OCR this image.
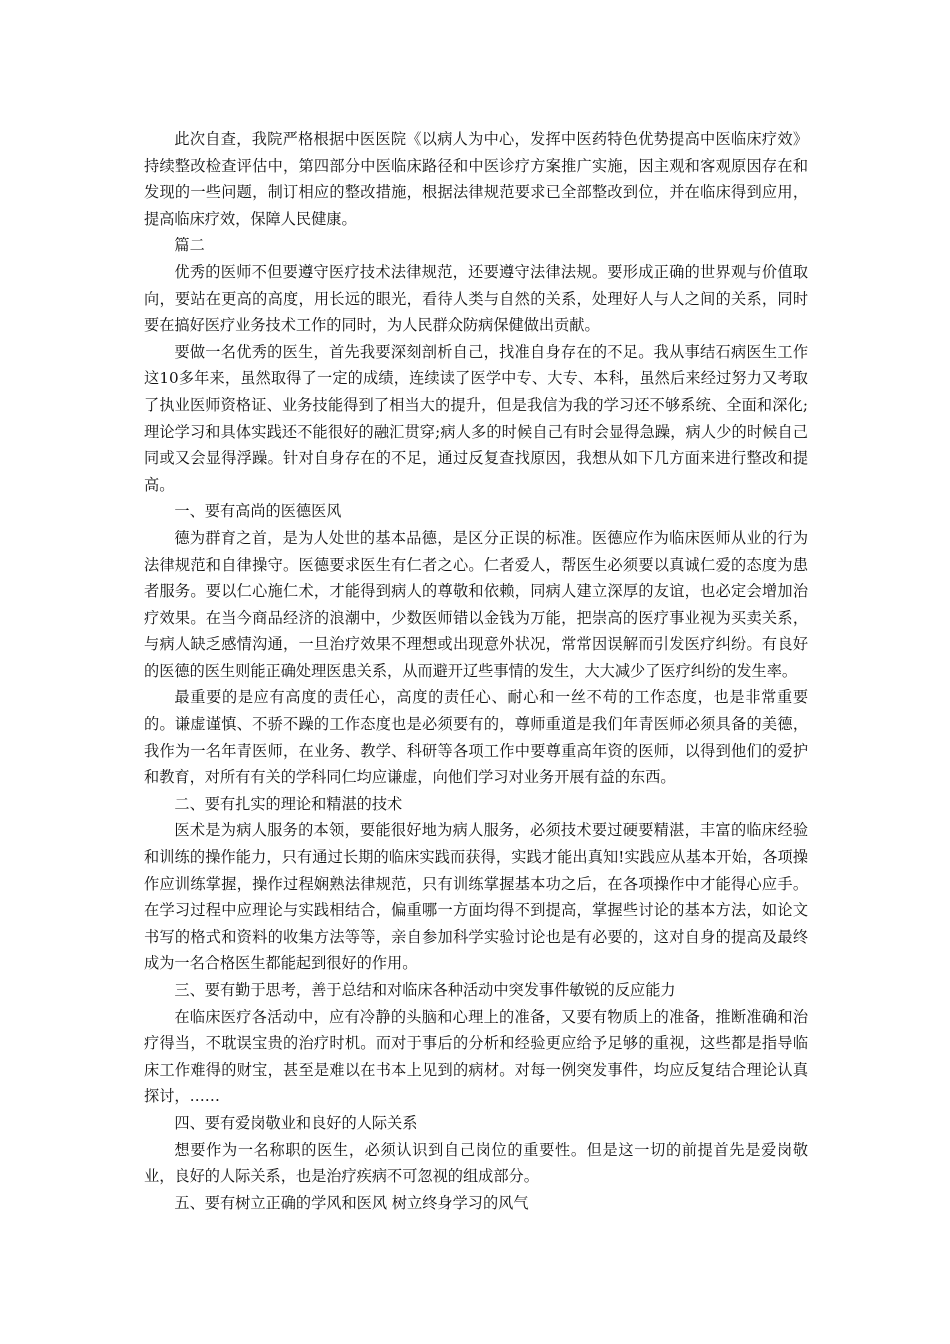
此次自查，我院严格根据中医医院《以病人为中心，发挥中医药特色优势提高中医临床疗效》持续整改检查评估中，第四部分中医临床路径和中医诊疗方案推广实施，因主观和客观原因存在和发现的一些问题，制订相应的整改措施，根据法律规范要求已全部整改到位，并在临床得到应用，提高临床疗效，保障人民健康。

篇二

优秀的医师不但要遵守医疗技术法律规范，还要遵守法律法规。要形成正确的世界观与价值取向，要站在更高的高度，用长远的眼光，看待人类与自然的关系，处理好人与人之间的关系，同时要在搞好医疗业务技术工作的同时，为人民群众防病保健做出贡献。

要做一名优秀的医生，首先我要深刻剖析自己，找准自身存在的不足。我从事结石病医生工作这10多年来，虽然取得了一定的成绩，连续读了医学中专、大专、本科，虽然后来经过努力又考取了执业医师资格证、业务技能得到了相当大的提升，但是我信为我的学习还不够系统、全面和深化;理论学习和具体实践还不能很好的融汇贯穿;病人多的时候自己有时会显得急躁，病人少的时候自己同或又会显得浮躁。针对自身存在的不足，通过反复查找原因，我想从如下几方面来进行整改和提高。

一、要有高尚的医德医风

德为群育之首，是为人处世的基本品德，是区分正误的标准。医德应作为临床医师从业的行为法律规范和自律操守。医德要求医生有仁者之心。仁者爱人，帮医生必须要以真诚仁爱的态度为患者服务。要以仁心施仁术，才能得到病人的尊敬和依赖，同病人建立深厚的友谊，也必定会增加治疗效果。在当今商品经济的浪潮中，少数医师错以金钱为万能，把崇高的医疗事业视为买卖关系，与病人缺乏感情沟通，一旦治疗效果不理想或出现意外状况，常常因误解而引发医疗纠纷。有良好的医德的医生则能正确处理医患关系，从而避开辽些事情的发生，大大减少了医疗纠纷的发生率。

最重要的是应有高度的责任心，高度的责任心、耐心和一丝不苟的工作态度，也是非常重要的。谦虚谨慎、不骄不躁的工作态度也是必须要有的，尊师重道是我们年青医师必须具备的美德，我作为一名年青医师，在业务、教学、科研等各项工作中要尊重高年资的医师，以得到他们的爱护和教育，对所有有关的学科同仁均应谦虚，向他们学习对业务开展有益的东西。

二、要有扎实的理论和精湛的技术

医术是为病人服务的本领，要能很好地为病人服务，必须技术要过硬要精湛，丰富的临床经验和训练的操作能力，只有通过长期的临床实践而获得，实践才能出真知!实践应从基本开始，各项操作应训练掌握，操作过程娴熟法律规范，只有训练掌握基本功之后，在各项操作中才能得心应手。在学习过程中应理论与实践相结合，偏重哪一方面均得不到提高，掌握些讨论的基本方法，如论文书写的格式和资料的收集方法等等，亲自参加科学实验讨论也是有必要的，这对自身的提高及最终成为一名合格医生都能起到很好的作用。

三、要有勤于思考，善于总结和对临床各种活动中突发事件敏锐的反应能力

在临床医疗各活动中，应有冷静的头脑和心理上的准备，又要有物质上的准备，推断准确和治疗得当，不耽误宝贵的治疗时机。而对于事后的分析和经验更应给予足够的重视，这些都是指导临床工作难得的财宝，甚至是难以在书本上见到的病材。对每一例突发事件，均应反复结合理论认真探讨，……

四、要有爱岗敬业和良好的人际关系

想要作为一名称职的医生，必须认识到自己岗位的重要性。但是这一切的前提首先是爱岗敬业，良好的人际关系，也是治疗疾病不可忽视的组成部分。

五、要有树立正确的学风和医风 树立终身学习的风气
